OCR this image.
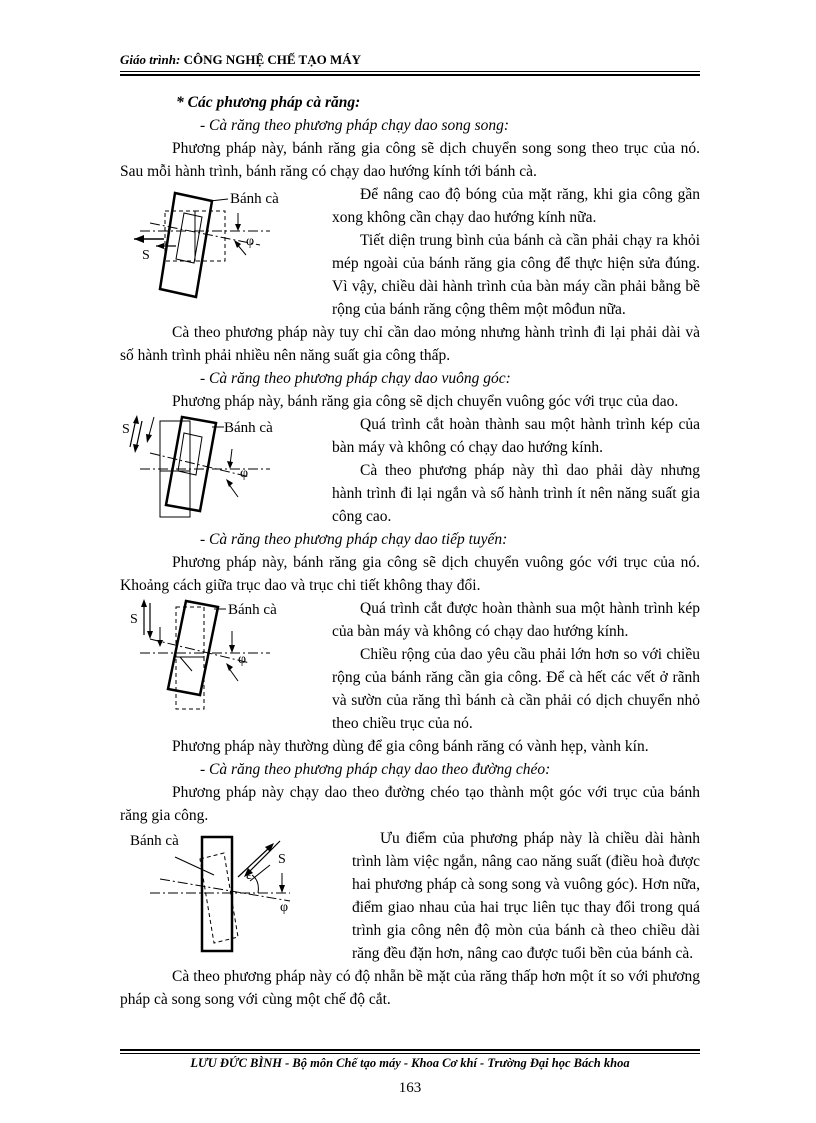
Giáo trình: CÔNG NGHỆ CHẾ TẠO MÁY

* Các phương pháp cà răng:

- Cà răng theo phương pháp chạy dao song song:

Phương pháp này, bánh răng gia công sẽ dịch chuyển song song theo trục của nó. Sau mỗi hành trình, bánh răng có chạy dao hướng kính tới bánh cà.

Bánh cà
S
φ

Để nâng cao độ bóng của mặt răng, khi gia công gần xong không cần chạy dao hướng kính nữa.

Tiết diện trung bình của bánh cà cần phải chạy ra khỏi mép ngoài của bánh răng gia công để thực hiện sửa đúng. Vì vậy, chiều dài hành trình của bàn máy cần phải bằng bề rộng của bánh răng cộng thêm một môđun nữa.

Cà theo phương pháp này tuy chỉ cần dao mỏng nhưng hành trình đi lại phải dài và số hành trình phải nhiều nên năng suất gia công thấp.

- Cà răng theo phương pháp chạy dao vuông góc:

Phương pháp này, bánh răng gia công sẽ dịch chuyển vuông góc với trục của dao.

Bánh cà
S
φ

Quá trình cắt hoàn thành sau một hành trình kép của bàn máy và không có chạy dao hướng kính.

Cà theo phương pháp này thì dao phải dày nhưng hành trình đi lại ngắn và số hành trình ít nên năng suất gia công cao.

- Cà răng theo phương pháp chạy dao tiếp tuyến:

Phương pháp này, bánh răng gia công sẽ dịch chuyển vuông góc với trục của nó. Khoảng cách giữa trục dao và trục chi tiết không thay đổi.

Bánh cà
S
φ

Quá trình cắt được hoàn thành sua một hành trình kép của bàn máy và không có chạy dao hướng kính.

Chiều rộng của dao yêu cầu phải lớn hơn so với chiều rộng của bánh răng cần gia công. Để cà hết các vết ở rãnh và sườn của răng thì bánh cà cần phải có dịch chuyển nhỏ theo chiều trục của nó.

Phương pháp này thường dùng để gia công bánh răng có vành hẹp, vành kín.

- Cà răng theo phương pháp chạy dao theo đường chéo:

Phương pháp này chạy dao theo đường chéo tạo thành một góc với trục của bánh răng gia công.

Bánh cà
S
ε
φ

Ưu điểm của phương pháp này là chiều dài hành trình làm việc ngắn, nâng cao năng suất (điều hoà được hai phương pháp cà song song và vuông góc). Hơn nữa, điểm giao nhau của hai trục liên tục thay đổi trong quá trình gia công nên độ mòn của bánh cà theo chiều dài răng đều đặn hơn, nâng cao được tuổi bền của bánh cà.

Cà theo phương pháp này có độ nhẵn bề mặt của răng thấp hơn một ít so với phương pháp cà song song với cùng một chế độ cắt.

LƯU ĐỨC BÌNH - Bộ môn Chế tạo máy - Khoa Cơ khí - Trường Đại học Bách khoa
163
